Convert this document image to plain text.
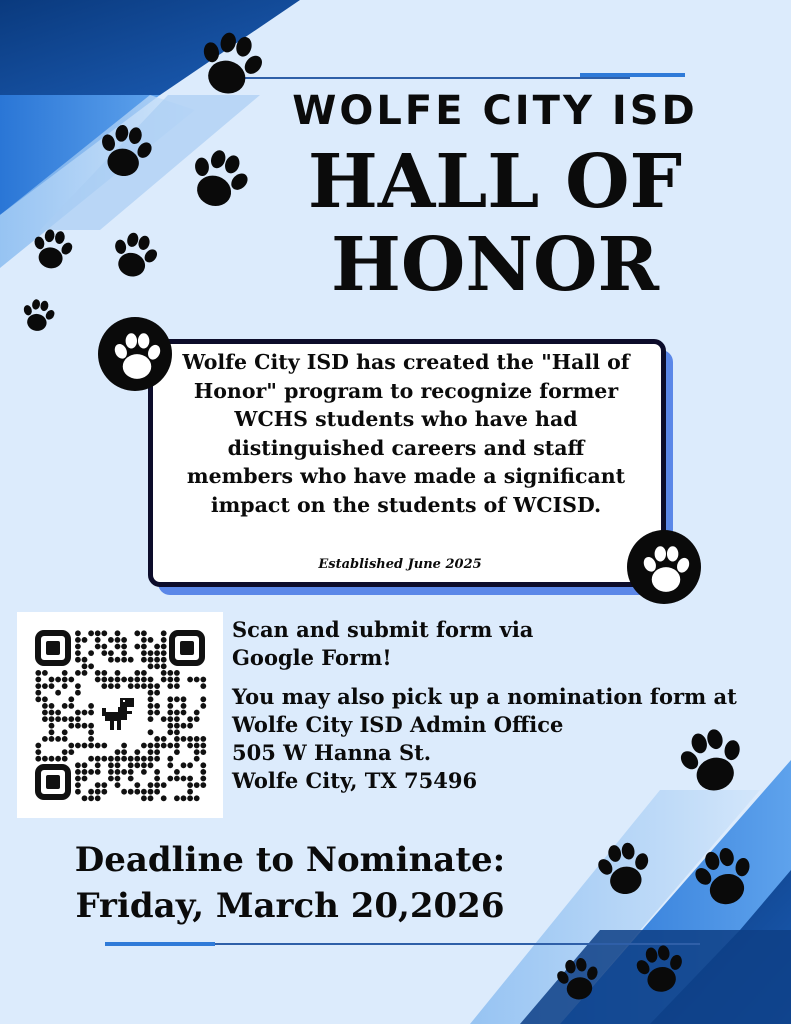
WOLFE CITY ISD
HALL OF
HONOR
Wolfe City ISD has created the "Hall of Honor" program to recognize former WCHS students who have had distinguished careers and staff members who have made a significant impact on the students of WCISD.
Established June 2025
Scan and submit form via Google Form!
You may also pick up a nomination form at
Wolfe City ISD Admin Office
505 W Hanna St.
Wolfe City, TX 75496
Deadline to Nominate:
Friday, March 20,2026
